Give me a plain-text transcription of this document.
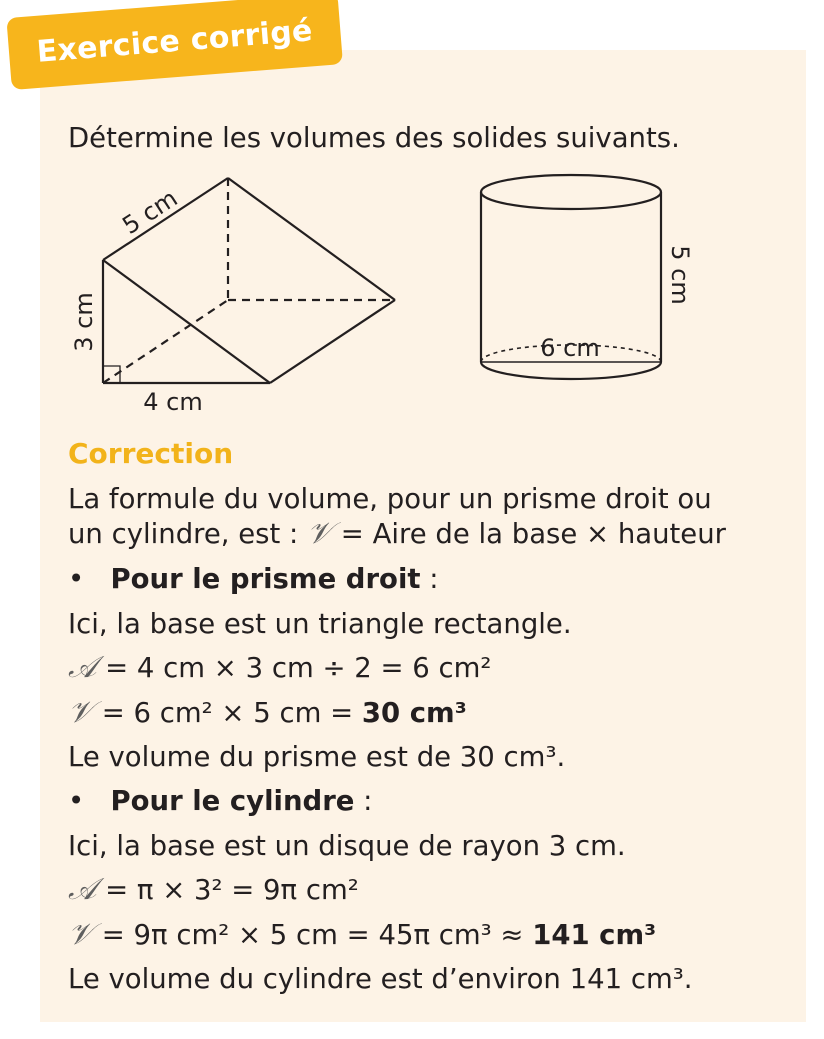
Exercice corrigé
Détermine les volumes des solides suivants.
5 cm
3 cm
4 cm
6 cm
5 cm
Correction
La formule du volume, pour un prisme droit ou
un cylindre, est : 𝒱 = Aire de la base × hauteur
• Pour le prisme droit :
Ici, la base est un triangle rectangle.
𝒜 = 4 cm × 3 cm ÷ 2 = 6 cm²
𝒱 = 6 cm² × 5 cm = 30 cm³
Le volume du prisme est de 30 cm³.
• Pour le cylindre :
Ici, la base est un disque de rayon 3 cm.
𝒜 = π × 3² = 9π cm²
𝒱 = 9π cm² × 5 cm = 45π cm³ ≈ 141 cm³
Le volume du cylindre est d’environ 141 cm³.
